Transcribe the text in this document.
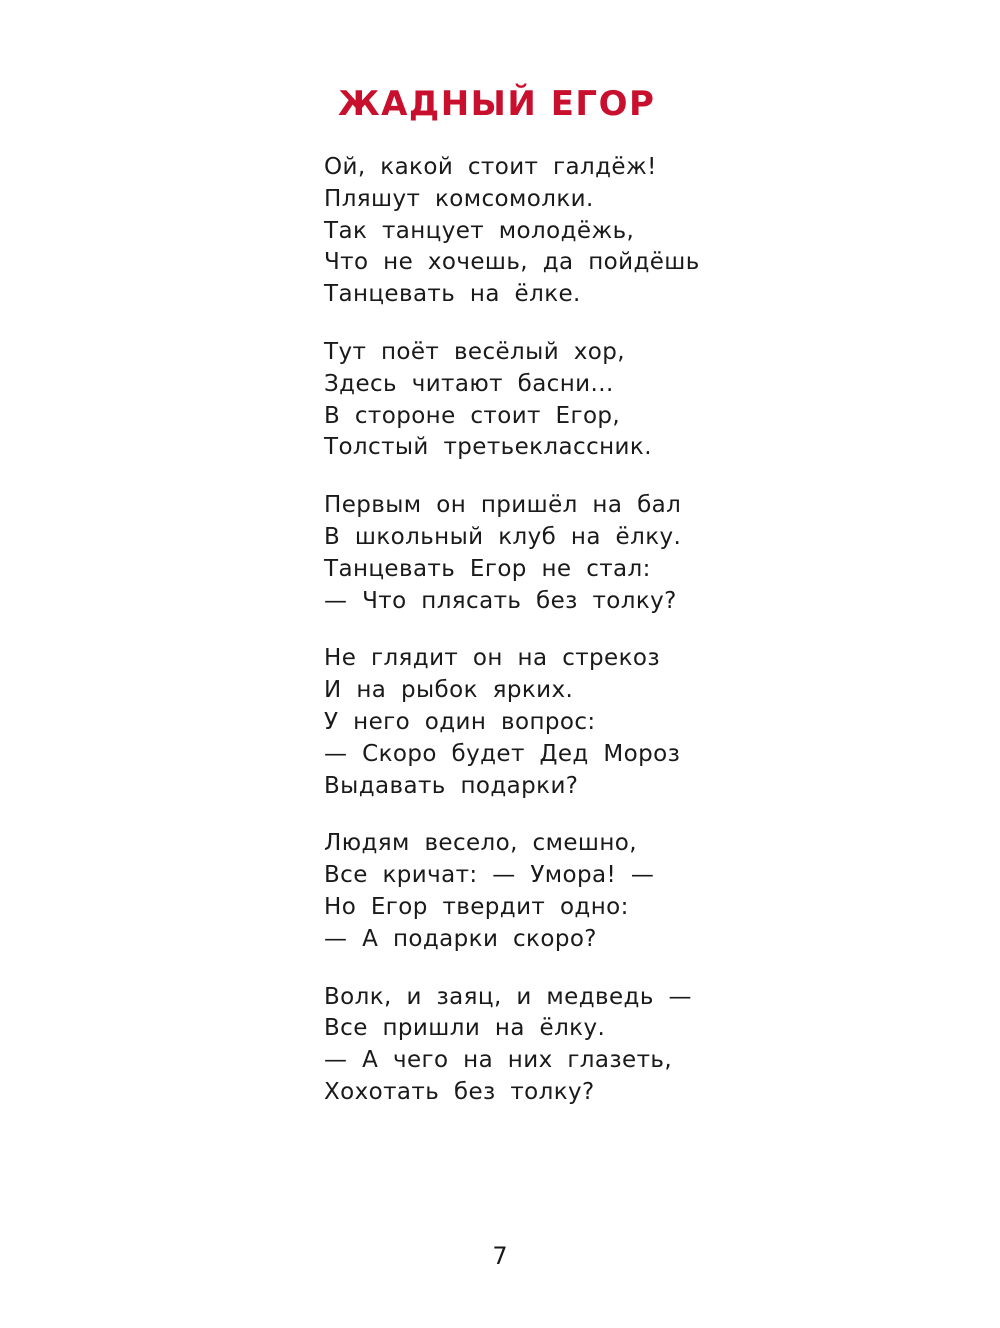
ЖАДНЫЙ ЕГОР
Ой, какой стоит галдёж!
Пляшут комсомолки.
Так танцует молодёжь,
Что не хочешь, да пойдёшь
Танцевать на ёлке.
Тут поёт весёлый хор,
Здесь читают басни...
В стороне стоит Егор,
Толстый третьеклассник.
Первым он пришёл на бал
В школьный клуб на ёлку.
Танцевать Егор не стал:
— Что плясать без толку?
Не глядит он на стрекоз
И на рыбок ярких.
У него один вопрос:
— Скоро будет Дед Мороз
Выдавать подарки?
Людям весело, смешно,
Все кричат: — Умора! —
Но Егор твердит одно:
— А подарки скоро?
Волк, и заяц, и медведь —
Все пришли на ёлку.
— А чего на них глазеть,
Хохотать без толку?
7
